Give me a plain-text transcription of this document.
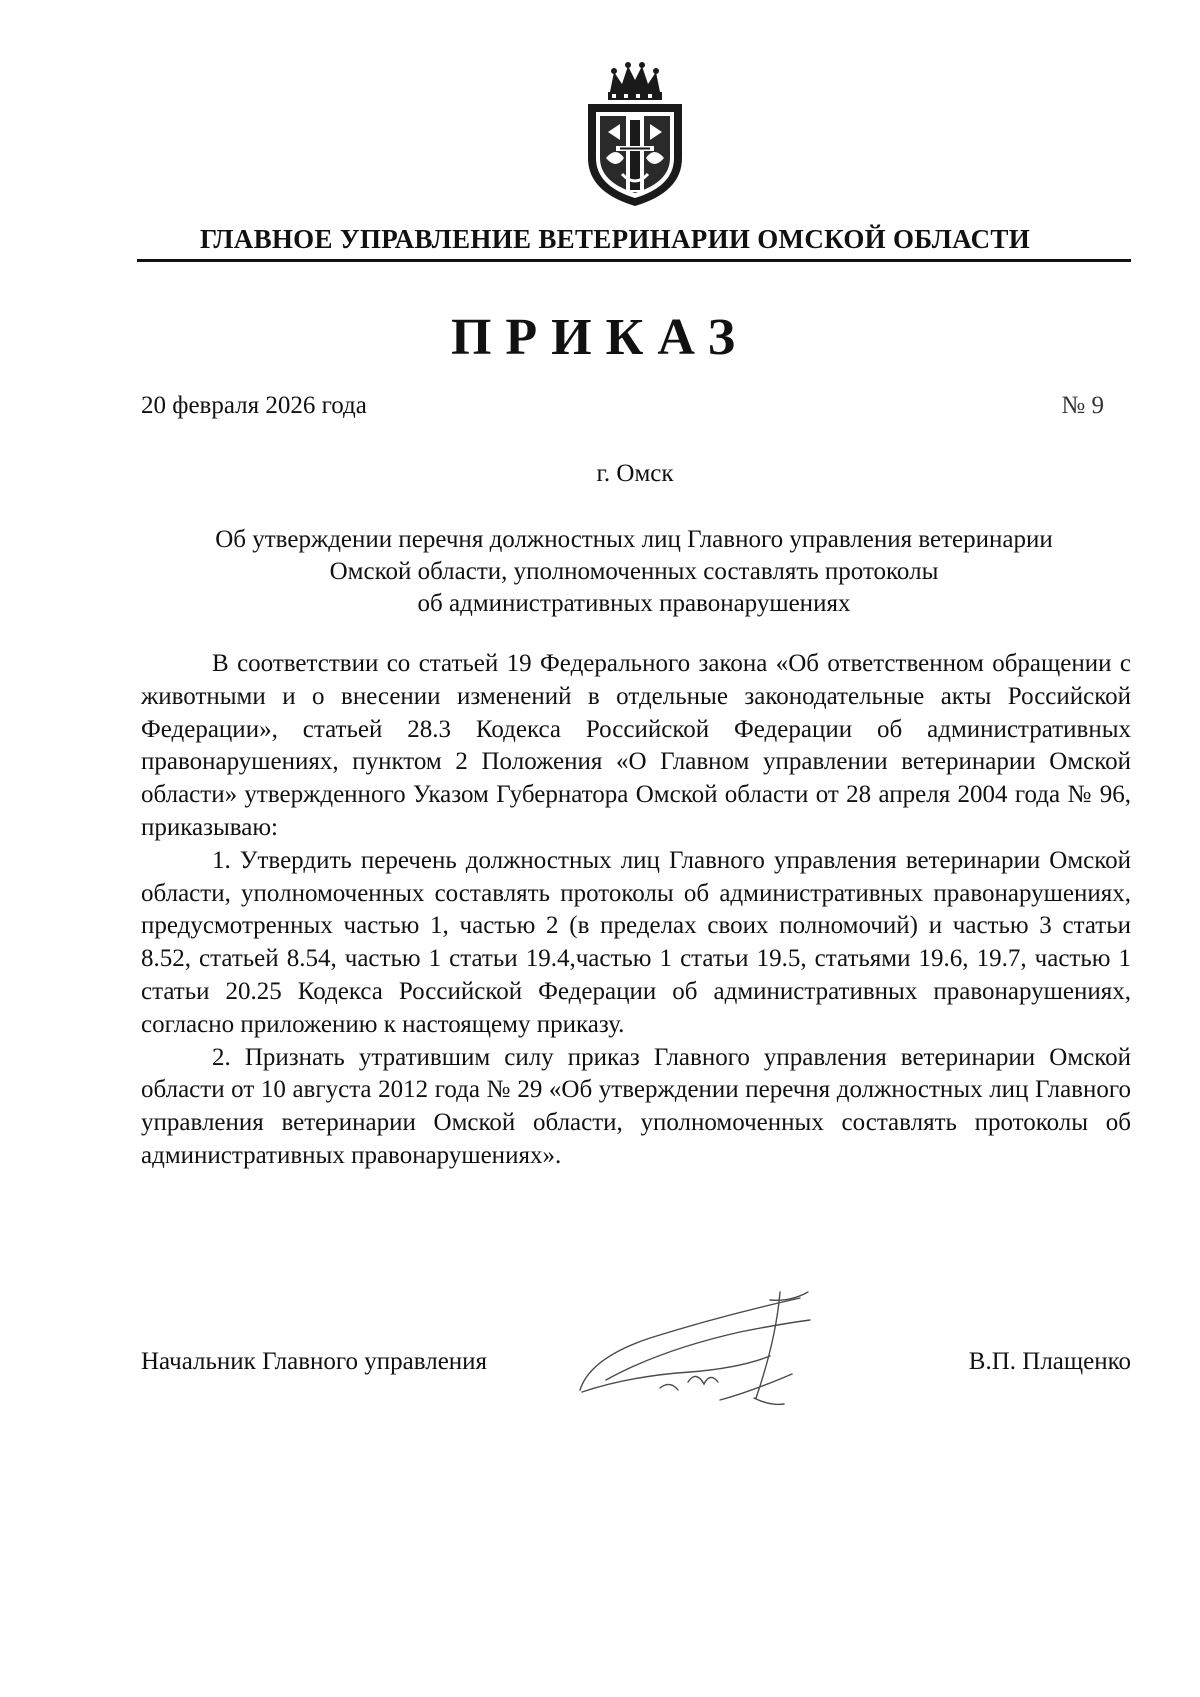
ГЛАВНОЕ УПРАВЛЕНИЕ ВЕТЕРИНАРИИ ОМСКОЙ ОБЛАСТИ
ПРИКАЗ
20 февраля 2026 года	№ 9
г. Омск
Об утверждении перечня должностных лиц Главного управления ветеринарии
Омской области, уполномоченных составлять протоколы
об административных правонарушениях

В соответствии со статьей 19 Федерального закона «Об ответственном обращении с животными и о внесении изменений в отдельные законодательные акты Российской Федерации», статьей 28.3 Кодекса Российской Федерации об административных правонарушениях, пунктом 2 Положения «О Главном управлении ветеринарии Омской области» утвержденного Указом Губернатора Омской области от 28 апреля 2004 года № 96, приказываю:

1. Утвердить перечень должностных лиц Главного управления ветеринарии Омской области, уполномоченных составлять протоколы об административных правонарушениях, предусмотренных частью 1, частью 2 (в пределах своих полномочий) и частью 3 статьи 8.52, статьей 8.54, частью 1 статьи 19.4,частью 1 статьи 19.5, статьями 19.6, 19.7, частью 1 статьи 20.25 Кодекса Российской Федерации об административных правонарушениях, согласно приложению к настоящему приказу.

2. Признать утратившим силу приказ Главного управления ветеринарии Омской области от 10 августа 2012 года № 29 «Об утверждении перечня должностных лиц Главного управления ветеринарии Омской области, уполномоченных составлять протоколы об административных правонарушениях».

Начальник Главного управления	В.П. Плащенко
